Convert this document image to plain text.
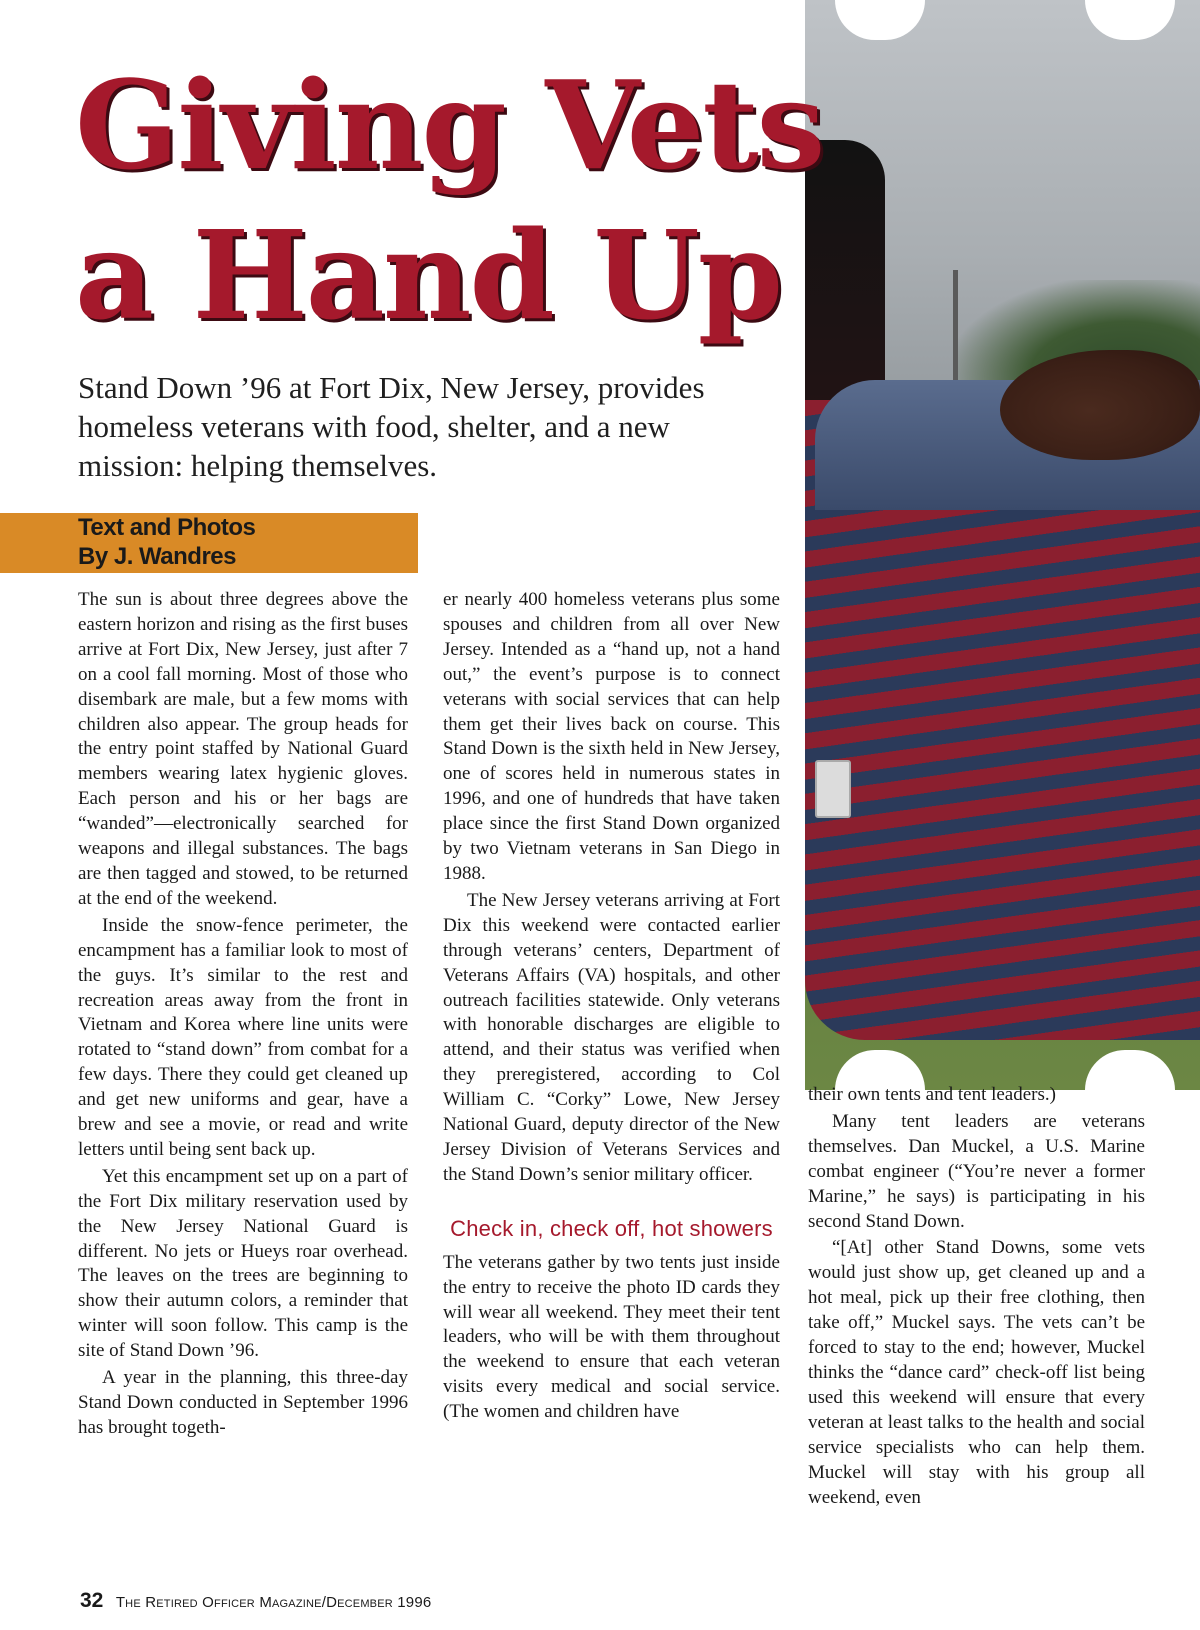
Giving Vets
a Hand Up

Stand Down ’96 at Fort Dix, New Jersey, provides homeless veterans with food, shelter, and a new mission: helping themselves.

Text and Photos
By J. Wandres

The sun is about three degrees above the eastern horizon and rising as the first buses arrive at Fort Dix, New Jersey, just after 7 on a cool fall morning. Most of those who disembark are male, but a few moms with children also appear. The group heads for the entry point staffed by National Guard members wearing latex hygienic gloves. Each person and his or her bags are “wanded”—electronically searched for weapons and illegal substances. The bags are then tagged and stowed, to be returned at the end of the weekend.

Inside the snow-fence perimeter, the encampment has a familiar look to most of the guys. It’s similar to the rest and recreation areas away from the front in Vietnam and Korea where line units were rotated to “stand down” from combat for a few days. There they could get cleaned up and get new uniforms and gear, have a brew and see a movie, or read and write letters until being sent back up.

Yet this encampment set up on a part of the Fort Dix military reservation used by the New Jersey National Guard is different. No jets or Hueys roar overhead. The leaves on the trees are beginning to show their autumn colors, a reminder that winter will soon follow. This camp is the site of Stand Down ’96.

A year in the planning, this three-day Stand Down conducted in September 1996 has brought togeth-

er nearly 400 homeless veterans plus some spouses and children from all over New Jersey. Intended as a “hand up, not a hand out,” the event’s purpose is to connect veterans with social services that can help them get their lives back on course. This Stand Down is the sixth held in New Jersey, one of scores held in numerous states in 1996, and one of hundreds that have taken place since the first Stand Down organized by two Vietnam veterans in San Diego in 1988.

The New Jersey veterans arriving at Fort Dix this weekend were contacted earlier through veterans’ centers, Department of Veterans Affairs (VA) hospitals, and other outreach facilities statewide. Only veterans with honorable discharges are eligible to attend, and their status was verified when they preregistered, according to Col William C. “Corky” Lowe, New Jersey National Guard, deputy director of the New Jersey Division of Veterans Services and the Stand Down’s senior military officer.

Check in, check off, hot showers

The veterans gather by two tents just inside the entry to receive the photo ID cards they will wear all weekend. They meet their tent leaders, who will be with them throughout the weekend to ensure that each veteran visits every medical and social service. (The women and children have

their own tents and tent leaders.)

Many tent leaders are veterans themselves. Dan Muckel, a U.S. Marine combat engineer (“You’re never a former Marine,” he says) is participating in his second Stand Down.

“[At] other Stand Downs, some vets would just show up, get cleaned up and a hot meal, pick up their free clothing, then take off,” Muckel says. The vets can’t be forced to stay to the end; however, Muckel thinks the “dance card” check-off list being used this weekend will ensure that every veteran at least talks to the health and social service specialists who can help them. Muckel will stay with his group all weekend, even

32 The Retired Officer Magazine/December 1996
